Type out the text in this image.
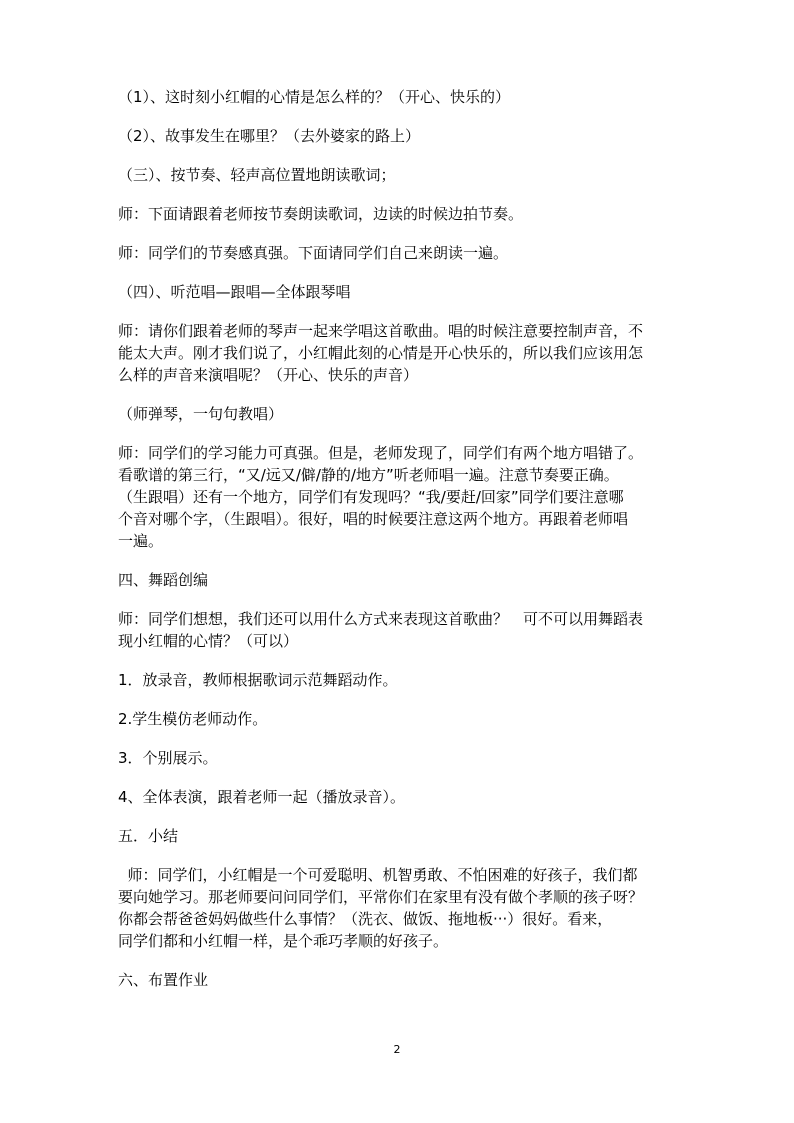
（1）、这时刻小红帽的心情是怎么样的？（开心、快乐的）
（2）、故事发生在哪里？（去外婆家的路上）
（三）、按节奏、轻声高位置地朗读歌词；
师：下面请跟着老师按节奏朗读歌词，边读的时候边拍节奏。
师：同学们的节奏感真强。下面请同学们自己来朗读一遍。
（四）、听范唱—跟唱—全体跟琴唱
师：请你们跟着老师的琴声一起来学唱这首歌曲。唱的时候注意要控制声音，不
能太大声。刚才我们说了，小红帽此刻的心情是开心快乐的，所以我们应该用怎
么样的声音来演唱呢？（开心、快乐的声音）
（师弹琴，一句句教唱）
师：同学们的学习能力可真强。但是，老师发现了，同学们有两个地方唱错了。
看歌谱的第三行，“又/远又/僻/静的/地方”听老师唱一遍。注意节奏要正确。
（生跟唱）还有一个地方，同学们有发现吗？“我/要赶/回家”同学们要注意哪
个音对哪个字，（生跟唱）。很好，唱的时候要注意这两个地方。再跟着老师唱
一遍。
四、舞蹈创编
师：同学们想想，我们还可以用什么方式来表现这首歌曲？　可不可以用舞蹈表
现小红帽的心情？（可以）
1．放录音，教师根据歌词示范舞蹈动作。
2.学生模仿老师动作。
3．个别展示。
4、全体表演，跟着老师一起（播放录音）。
五．小结
师：同学们，小红帽是一个可爱聪明、机智勇敢、不怕困难的好孩子，我们都
要向她学习。那老师要问问同学们，平常你们在家里有没有做个孝顺的孩子呀？
你都会帮爸爸妈妈做些什么事情？（洗衣、做饭、拖地板···）很好。看来，
同学们都和小红帽一样，是个乖巧孝顺的好孩子。
六、布置作业
2
